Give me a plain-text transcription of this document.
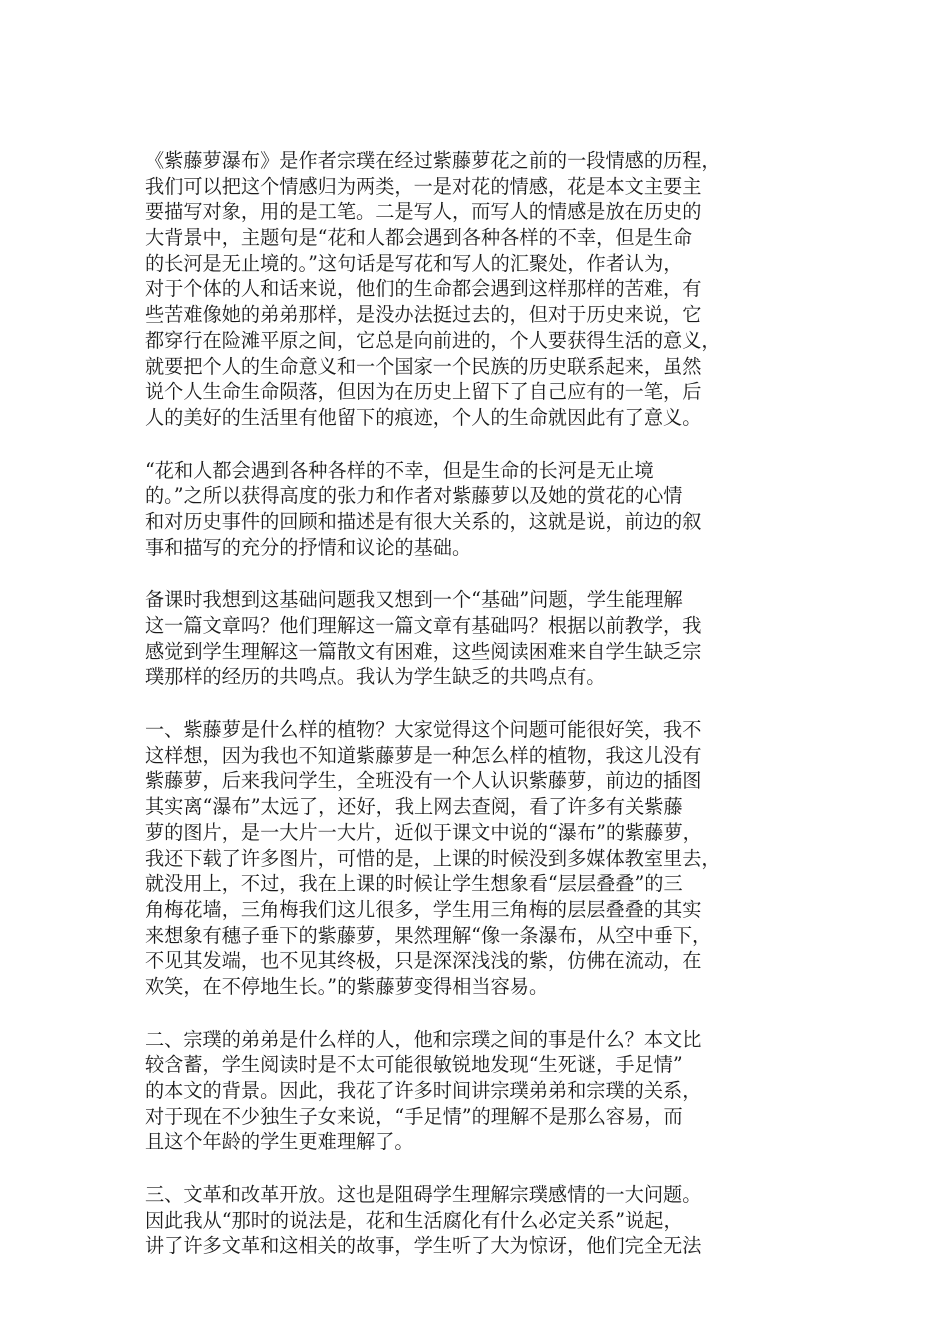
《紫藤萝瀑布》是作者宗璞在经过紫藤萝花之前的一段情感的历程，
我们可以把这个情感归为两类，一是对花的情感，花是本文主要主
要描写对象，用的是工笔。二是写人，而写人的情感是放在历史的
大背景中，主题句是“花和人都会遇到各种各样的不幸，但是生命
的长河是无止境的。”这句话是写花和写人的汇聚处，作者认为，
对于个体的人和话来说，他们的生命都会遇到这样那样的苦难，有
些苦难像她的弟弟那样，是没办法挺过去的，但对于历史来说，它
都穿行在险滩平原之间，它总是向前进的，个人要获得生活的意义，
就要把个人的生命意义和一个国家一个民族的历史联系起来，虽然
说个人生命生命陨落，但因为在历史上留下了自己应有的一笔，后
人的美好的生活里有他留下的痕迹，个人的生命就因此有了意义。
“花和人都会遇到各种各样的不幸，但是生命的长河是无止境
的。”之所以获得高度的张力和作者对紫藤萝以及她的赏花的心情
和对历史事件的回顾和描述是有很大关系的，这就是说，前边的叙
事和描写的充分的抒情和议论的基础。
备课时我想到这基础问题我又想到一个“基础”问题，学生能理解
这一篇文章吗？他们理解这一篇文章有基础吗？根据以前教学，我
感觉到学生理解这一篇散文有困难，这些阅读困难来自学生缺乏宗
璞那样的经历的共鸣点。我认为学生缺乏的共鸣点有。
一、紫藤萝是什么样的植物？大家觉得这个问题可能很好笑，我不
这样想，因为我也不知道紫藤萝是一种怎么样的植物，我这儿没有
紫藤萝，后来我问学生，全班没有一个人认识紫藤萝，前边的插图
其实离“瀑布”太远了，还好，我上网去查阅，看了许多有关紫藤
萝的图片，是一大片一大片，近似于课文中说的“瀑布”的紫藤萝，
我还下载了许多图片，可惜的是，上课的时候没到多媒体教室里去，
就没用上，不过，我在上课的时候让学生想象看“层层叠叠”的三
角梅花墙，三角梅我们这儿很多，学生用三角梅的层层叠叠的其实
来想象有穗子垂下的紫藤萝，果然理解“像一条瀑布，从空中垂下，
不见其发端，也不见其终极，只是深深浅浅的紫，仿佛在流动，在
欢笑，在不停地生长。”的紫藤萝变得相当容易。
二、宗璞的弟弟是什么样的人，他和宗璞之间的事是什么？本文比
较含蓄，学生阅读时是不太可能很敏锐地发现“生死谜，手足情”
的本文的背景。因此，我花了许多时间讲宗璞弟弟和宗璞的关系，
对于现在不少独生子女来说，“手足情”的理解不是那么容易，而
且这个年龄的学生更难理解了。
三、文革和改革开放。这也是阻碍学生理解宗璞感情的一大问题。
因此我从“那时的说法是，花和生活腐化有什么必定关系”说起，
讲了许多文革和这相关的故事，学生听了大为惊讶，他们完全无法
